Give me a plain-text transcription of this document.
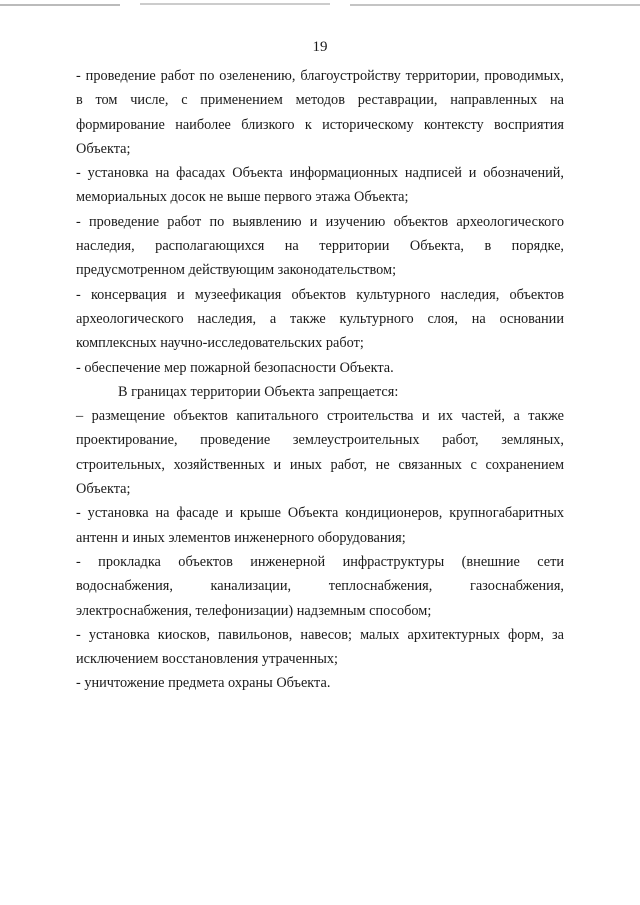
19

- проведение работ по озеленению, благоустройству территории, проводимых, в том числе, с применением методов реставрации, направленных на формирование наиболее близкого к историческому контексту восприятия Объекта;

- установка на фасадах Объекта информационных надписей и обозначений, мемориальных досок не выше первого этажа Объекта;

- проведение работ по выявлению и изучению объектов археологического наследия, располагающихся на территории Объекта, в порядке, предусмотренном действующим законодательством;

- консервация и музеефикация объектов культурного наследия, объектов археологического наследия, а также культурного слоя, на основании комплексных научно-исследовательских работ;

- обеспечение мер пожарной безопасности Объекта.

В границах территории Объекта запрещается:

– размещение объектов капитального строительства и их частей, а также проектирование, проведение землеустроительных работ, земляных, строительных, хозяйственных и иных работ, не связанных с сохранением Объекта;

- установка на фасаде и крыше Объекта кондиционеров, крупногабаритных антенн и иных элементов инженерного оборудования;

- прокладка объектов инженерной инфраструктуры (внешние сети водоснабжения, канализации, теплоснабжения, газоснабжения, электроснабжения, телефонизации) надземным способом;

- установка киосков, павильонов, навесов; малых архитектурных форм, за исключением восстановления утраченных;

- уничтожение предмета охраны Объекта.
